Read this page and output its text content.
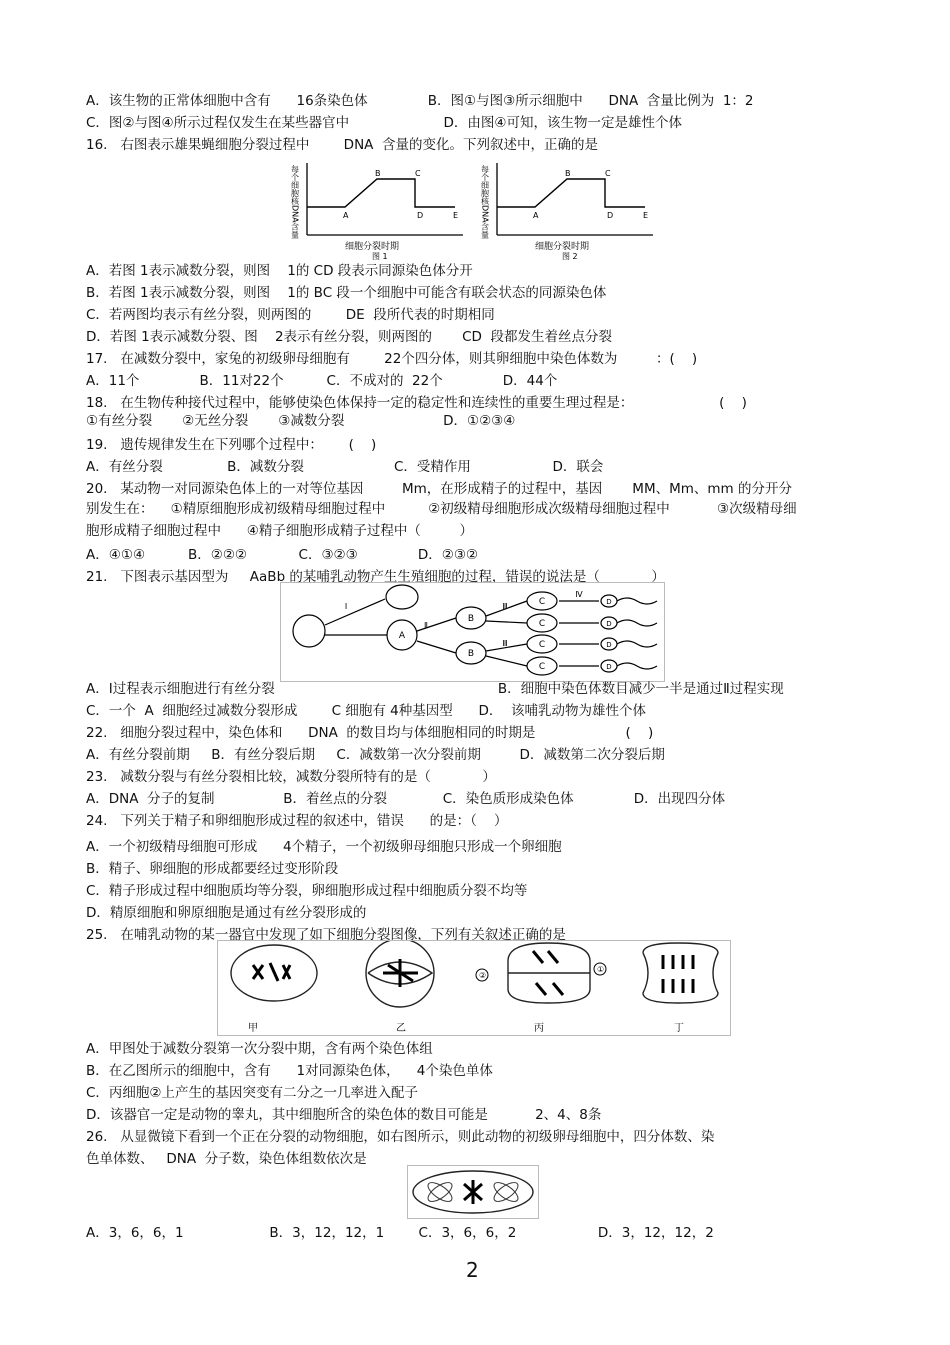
A．该生物的正常体细胞中含有      16条染色体              B．图①与图③所示细胞中      DNA  含量比例为  1：2
C．图②与图④所示过程仅发生在某些器官中                      D．由图④可知，该生物一定是雄性个体
16.   右图表示雄果蝇细胞分裂过程中        DNA  含量的变化。下列叙述中，正确的是
A
B	C
D	E
每个细胞核DNA含量
细胞分裂时期
图 1
A
B	C
D	E
每个细胞核DNA含量
细胞分裂时期
图 2
A．若图 1表示减数分裂，则图    1的 CD 段表示同源染色体分开
B．若图 1表示减数分裂，则图    1的 BC 段一个细胞中可能含有联会状态的同源染色体
C．若两图均表示有丝分裂，则两图的        DE  段所代表的时期相同
D．若图 1表示减数分裂、图    2表示有丝分裂，则两图的       CD  段都发生着丝点分裂
17.   在减数分裂中，家兔的初级卵母细胞有        22个四分体，则其卵细胞中染色体数为         ：(    )
A．11个              B．11对22个          C．不成对的  22个              D．44个
18.   在生物传种接代过程中，能够使染色体保持一定的稳定性和连续性的重要生理过程是：                    (    )
①有丝分裂       ②无丝分裂       ③减数分裂                       D．①②③④
19.   遗传规律发生在下列哪个过程中：      (    )
A．有丝分裂               B．减数分裂                     C．受精作用                   D．联会
20.   某动物一对同源染色体上的一对等位基因         Mm，在形成精子的过程中，基因       MM、Mm、mm 的分开分
别发生在：    ①精原细胞形成初级精母细胞过程中          ②初级精母细胞形成次级精母细胞过程中           ③次级精母细
胞形成精子细胞过程中      ④精子细胞形成精子过程中（         ）
A．④①④          B．②②②            C．③②③              D．②③②
21.   下图表示基因型为     AaBb 的某哺乳动物产生生殖细胞的过程，错误的说法是（            ）
A
B
B
C
C
C
C
D
D
D
D
Ⅰ
Ⅱ
Ⅲ
Ⅲ
Ⅳ
A．Ⅰ过程表示细胞进行有丝分裂                                                    B．细胞中染色体数目减少一半是通过Ⅱ过程实现
C．一个  A  细胞经过减数分裂形成        C 细胞有 4种基因型      D．  该哺乳动物为雄性个体
22.   细胞分裂过程中，染色体和      DNA  的数目均与体细胞相同的时期是                     (    )
A．有丝分裂前期     B．有丝分裂后期     C．减数第一次分裂前期         D．减数第二次分裂后期
23.   减数分裂与有丝分裂相比较，减数分裂所特有的是（            ）
A．DNA  分子的复制                B．着丝点的分裂             C．染色质形成染色体              D．出现四分体
24.   下列关于精子和卵细胞形成过程的叙述中，错误      的是：（    ）
A．一个初级精母细胞可形成      4个精子，一个初级卵母细胞只形成一个卵细胞
B．精子、卵细胞的形成都要经过变形阶段
C．精子形成过程中细胞质均等分裂，卵细胞形成过程中细胞质分裂不均等
D．精原细胞和卵原细胞是通过有丝分裂形成的
25.   在哺乳动物的某一器官中发现了如下细胞分裂图像，下列有关叙述正确的是
②
①
甲	乙	丙	丁
A．甲图处于减数分裂第一次分裂中期，含有两个染色体组
B．在乙图所示的细胞中，含有      1对同源染色体，    4个染色单体
C．丙细胞②上产生的基因突变有二分之一几率进入配子
D．该器官一定是动物的睾丸，其中细胞所含的染色体的数目可能是           2、4、8条
26.   从显微镜下看到一个正在分裂的动物细胞，如右图所示，则此动物的初级卵母细胞中，四分体数、染
色单体数、   DNA  分子数，染色体组数依次是
A．3，6，6，1                    B．3，12，12，1        C．3，6，6，2                   D．3，12，12，2
2
